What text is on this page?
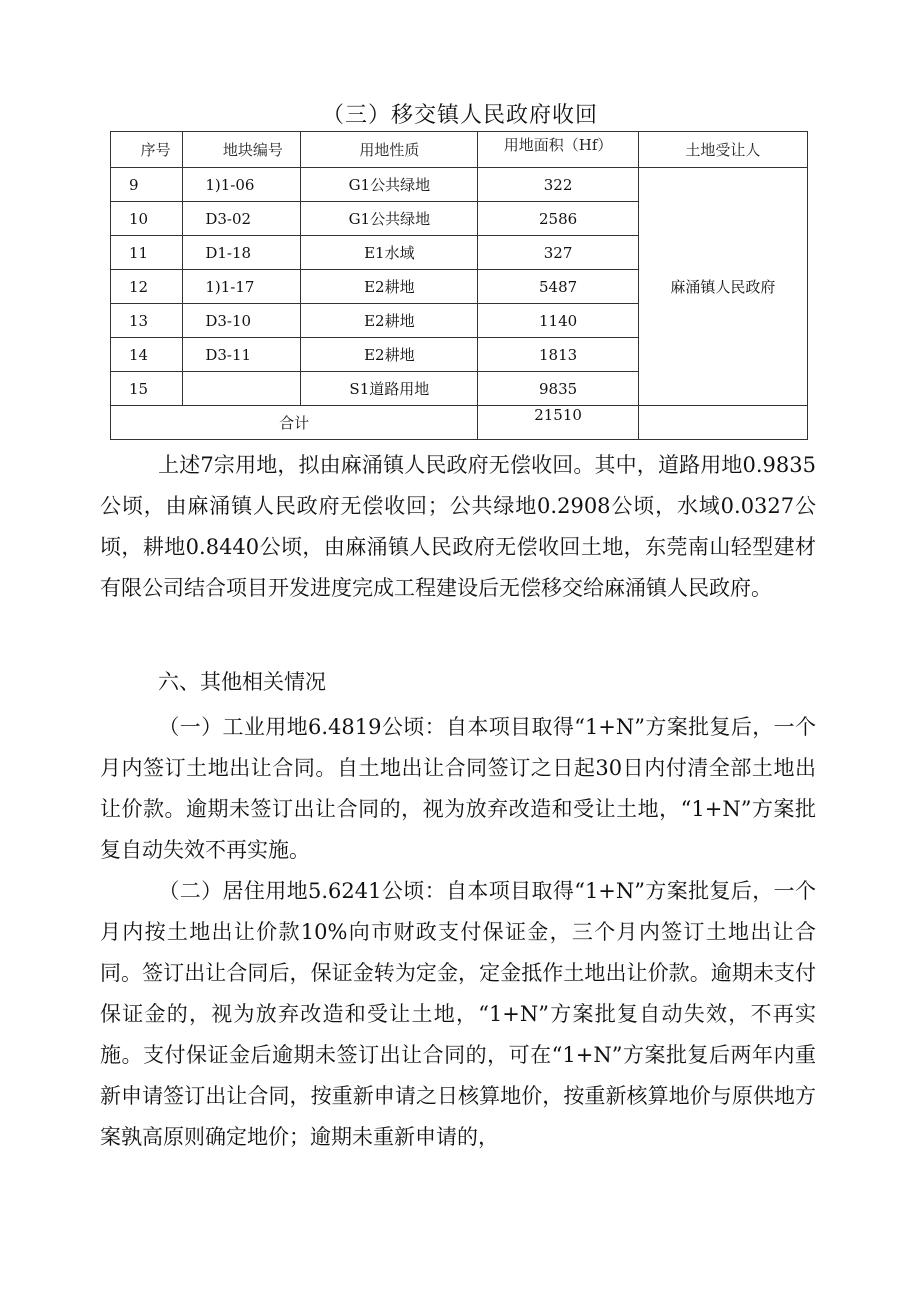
（三）移交镇人民政府收回
序号	地块编号	用地性质	用地面积（Hf）	土地受让人
9	1)1-06	G1公共绿地	322	麻涌镇人民政府
10	D3-02	G1公共绿地	2586	
11	D1-18	E1水域	327	
12	1)1-17	E2耕地	5487	
13	D3-10	E2耕地	1140	
14	D3-11	E2耕地	1813	
15		S1道路用地	9835	
合计			21510	

上述7宗用地，拟由麻涌镇人民政府无偿收回。其中，道路用地0.9835公顷，由麻涌镇人民政府无偿收回；公共绿地0.2908公顷，水域0.0327公顷，耕地0.8440公顷，由麻涌镇人民政府无偿收回土地，东莞南山轻型建材有限公司结合项目开发进度完成工程建设后无偿移交给麻涌镇人民政府。

六、其他相关情况

（一）工业用地6.4819公顷：自本项目取得“1+N”方案批复后，一个月内签订土地出让合同。自土地出让合同签订之日起30日内付清全部土地出让价款。逾期未签订出让合同的，视为放弃改造和受让土地，“1+N”方案批复自动失效不再实施。

（二）居住用地5.6241公顷：自本项目取得“1+N”方案批复后，一个月内按土地出让价款10%向市财政支付保证金，三个月内签订土地出让合同。签订出让合同后，保证金转为定金，定金抵作土地出让价款。逾期未支付保证金的，视为放弃改造和受让土地，“1+N”方案批复自动失效，不再实施。支付保证金后逾期未签订出让合同的，可在“1+N”方案批复后两年内重新申请签订出让合同，按重新申请之日核算地价，按重新核算地价与原供地方案孰高原则确定地价；逾期未重新申请的，
